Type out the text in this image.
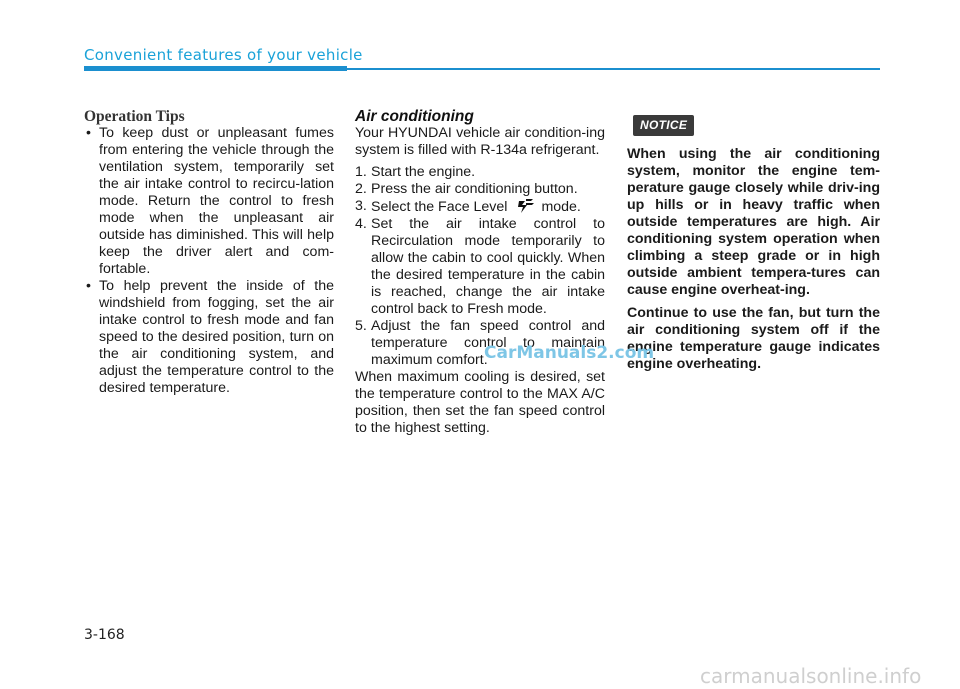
Convenient features of your vehicle

Operation Tips

• To keep dust or unpleasant fumes from entering the vehicle through the ventilation system, temporarily set the air intake control to recircu-lation mode. Return the control to fresh mode when the unpleasant air outside has diminished. This will help keep the driver alert and com-fortable.

• To help prevent the inside of the windshield from fogging, set the air intake control to fresh mode and fan speed to the desired position, turn on the air conditioning system, and adjust the temperature control to the desired temperature.

Air conditioning

Your HYUNDAI vehicle air condition-ing system is filled with R-134a refrigerant.

1. Start the engine.

2. Press the air conditioning button.

3. Select the Face Level mode.

4. Set the air intake control to Recirculation mode temporarily to allow the cabin to cool quickly. When the desired temperature in the cabin is reached, change the air intake control back to Fresh mode.

5. Adjust the fan speed control and temperature control to maintain maximum comfort.

When maximum cooling is desired, set the temperature control to the MAX A/C position, then set the fan speed control to the highest setting.

NOTICE

When using the air conditioning system, monitor the engine tem-perature gauge closely while driv-ing up hills or in heavy traffic when outside temperatures are high. Air conditioning system operation when climbing a steep grade or in high outside ambient tempera-tures can cause engine overheat-ing.

Continue to use the fan, but turn the air conditioning system off if the engine temperature gauge indicates engine overheating.

CarManuals2.com
3-168
carmanualsonline.info
